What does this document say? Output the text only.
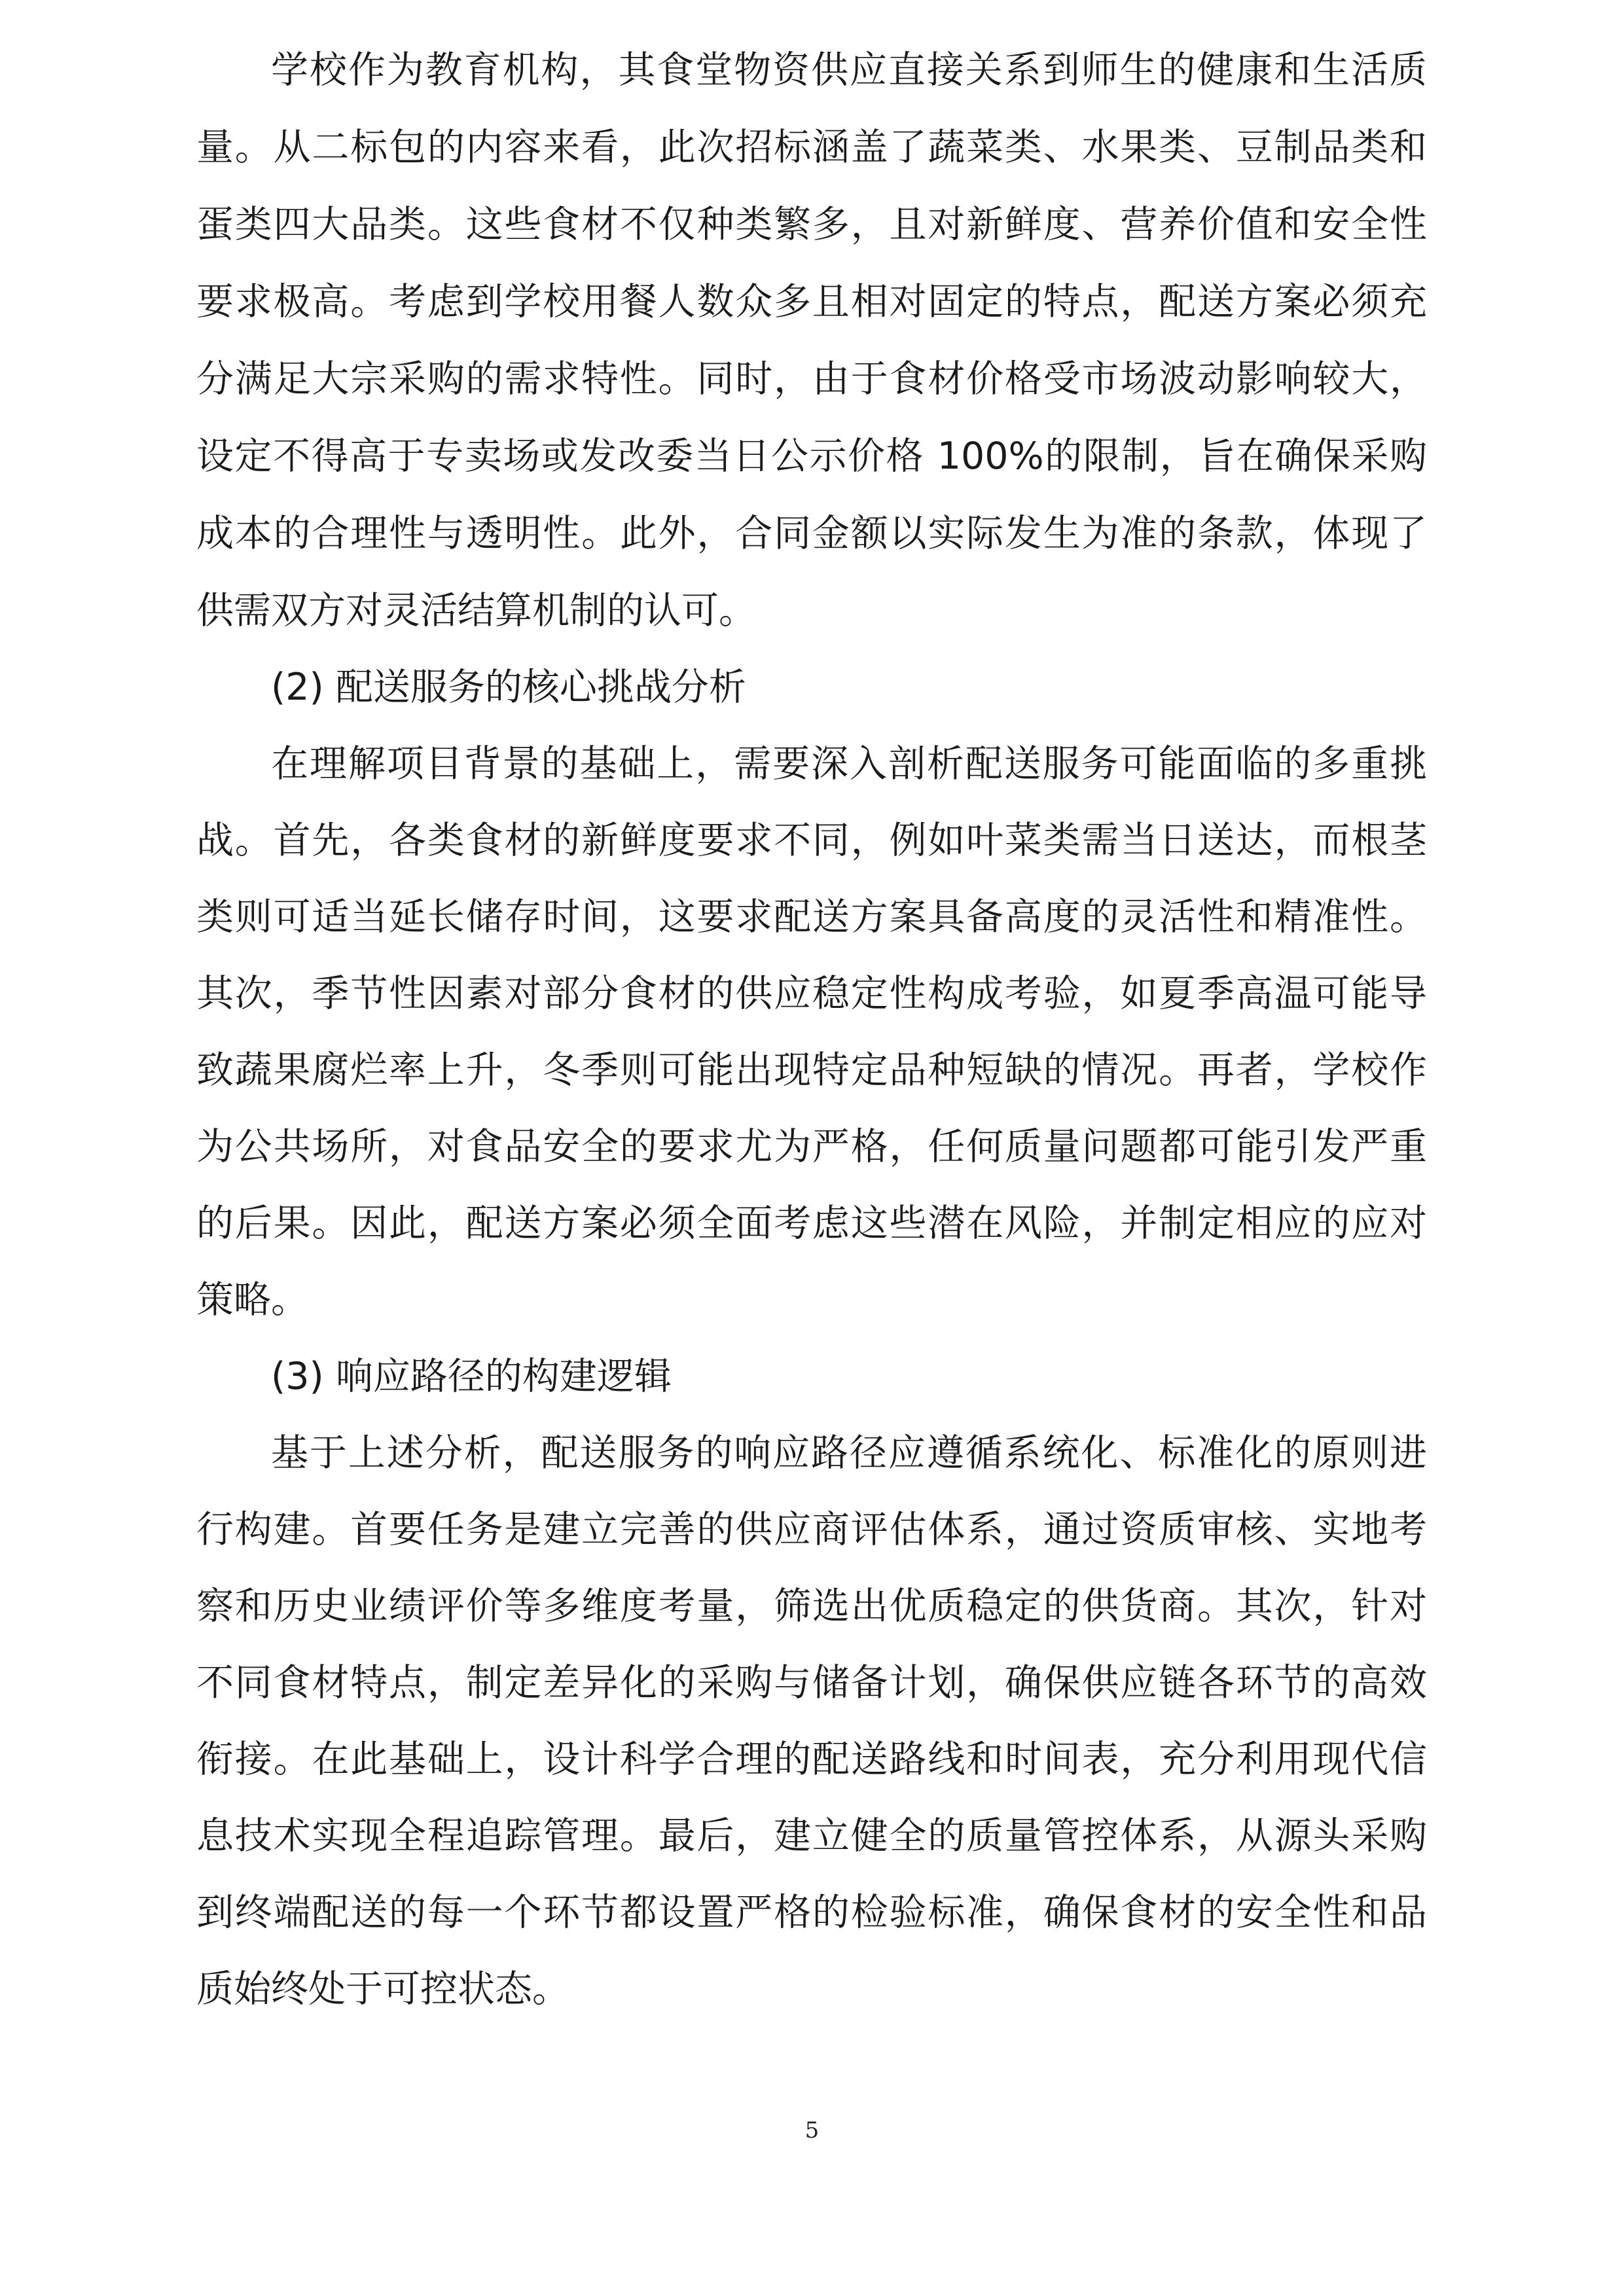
学校作为教育机构，其食堂物资供应直接关系到师生的健康和生活质量。从二标包的内容来看，此次招标涵盖了蔬菜类、水果类、豆制品类和蛋类四大品类。这些食材不仅种类繁多，且对新鲜度、营养价值和安全性要求极高。考虑到学校用餐人数众多且相对固定的特点，配送方案必须充分满足大宗采购的需求特性。同时，由于食材价格受市场波动影响较大，设定不得高于专卖场或发改委当日公示价格 100%的限制，旨在确保采购成本的合理性与透明性。此外，合同金额以实际发生为准的条款，体现了供需双方对灵活结算机制的认可。

(2) 配送服务的核心挑战分析

在理解项目背景的基础上，需要深入剖析配送服务可能面临的多重挑战。首先，各类食材的新鲜度要求不同，例如叶菜类需当日送达，而根茎类则可适当延长储存时间，这要求配送方案具备高度的灵活性和精准性。其次，季节性因素对部分食材的供应稳定性构成考验，如夏季高温可能导致蔬果腐烂率上升，冬季则可能出现特定品种短缺的情况。再者，学校作为公共场所，对食品安全的要求尤为严格，任何质量问题都可能引发严重的后果。因此，配送方案必须全面考虑这些潜在风险，并制定相应的应对策略。

(3) 响应路径的构建逻辑

基于上述分析，配送服务的响应路径应遵循系统化、标准化的原则进行构建。首要任务是建立完善的供应商评估体系，通过资质审核、实地考察和历史业绩评价等多维度考量，筛选出优质稳定的供货商。其次，针对不同食材特点，制定差异化的采购与储备计划，确保供应链各环节的高效衔接。在此基础上，设计科学合理的配送路线和时间表，充分利用现代信息技术实现全程追踪管理。最后，建立健全的质量管控体系，从源头采购到终端配送的每一个环节都设置严格的检验标准，确保食材的安全性和品质始终处于可控状态。

5
